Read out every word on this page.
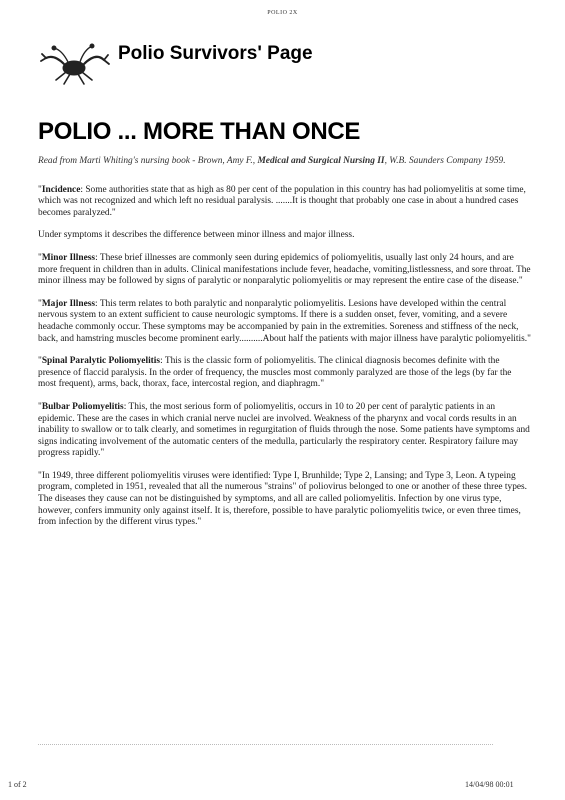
POLIO 2X
Polio Survivors' Page
POLIO ... MORE THAN ONCE
Read from Marti Whiting's nursing book - Brown, Amy F., Medical and Surgical Nursing II, W.B. Saunders Company 1959.

"Incidence: Some authorities state that as high as 80 per cent of the population in this country has had poliomyelitis at some time, which was not recognized and which left no residual paralysis. .......It is thought that probably one case in about a hundred cases becomes paralyzed."

Under symptoms it describes the difference between minor illness and major illness.

"Minor Illness: These brief illnesses are commonly seen during epidemics of poliomyelitis, usually last only 24 hours, and are more frequent in children than in adults. Clinical manifestations include fever, headache, vomiting,listlessness, and sore throat. The minor illness may be followed by signs of paralytic or nonparalytic poliomyelitis or may represent the entire case of the disease."

"Major Illness: This term relates to both paralytic and nonparalytic poliomyelitis. Lesions have developed within the central nervous system to an extent sufficient to cause neurologic symptoms. If there is a sudden onset, fever, vomiting, and a severe headache commonly occur. These symptoms may be accompanied by pain in the extremities. Soreness and stiffness of the neck, back, and hamstring muscles become prominent early..........About half the patients with major illness have paralytic poliomyelitis."

"Spinal Paralytic Poliomyelitis: This is the classic form of poliomyelitis. The clinical diagnosis becomes definite with the presence of flaccid paralysis. In the order of frequency, the muscles most commonly paralyzed are those of the legs (by far the most frequent), arms, back, thorax, face, intercostal region, and diaphragm."

"Bulbar Poliomyelitis: This, the most serious form of poliomyelitis, occurs in 10 to 20 per cent of paralytic patients in an epidemic. These are the cases in which cranial nerve nuclei are involved. Weakness of the pharynx and vocal cords results in an inability to swallow or to talk clearly, and sometimes in regurgitation of fluids through the nose. Some patients have symptoms and signs indicating involvement of the automatic centers of the medulla, particularly the respiratory center. Respiratory failure may progress rapidly."

"In 1949, three different poliomyelitis viruses were identified: Type I, Brunhilde; Type 2, Lansing; and Type 3, Leon. A typeing program, completed in 1951, revealed that all the numerous "strains" of poliovirus belonged to one or another of these three types. The diseases they cause can not be distinguished by symptoms, and all are called poliomyelitis. Infection by one virus type, however, confers immunity only against itself. It is, therefore, possible to have paralytic poliomyelitis twice, or even three times, from infection by the different virus types."

1 of 2	14/04/98 00:01
